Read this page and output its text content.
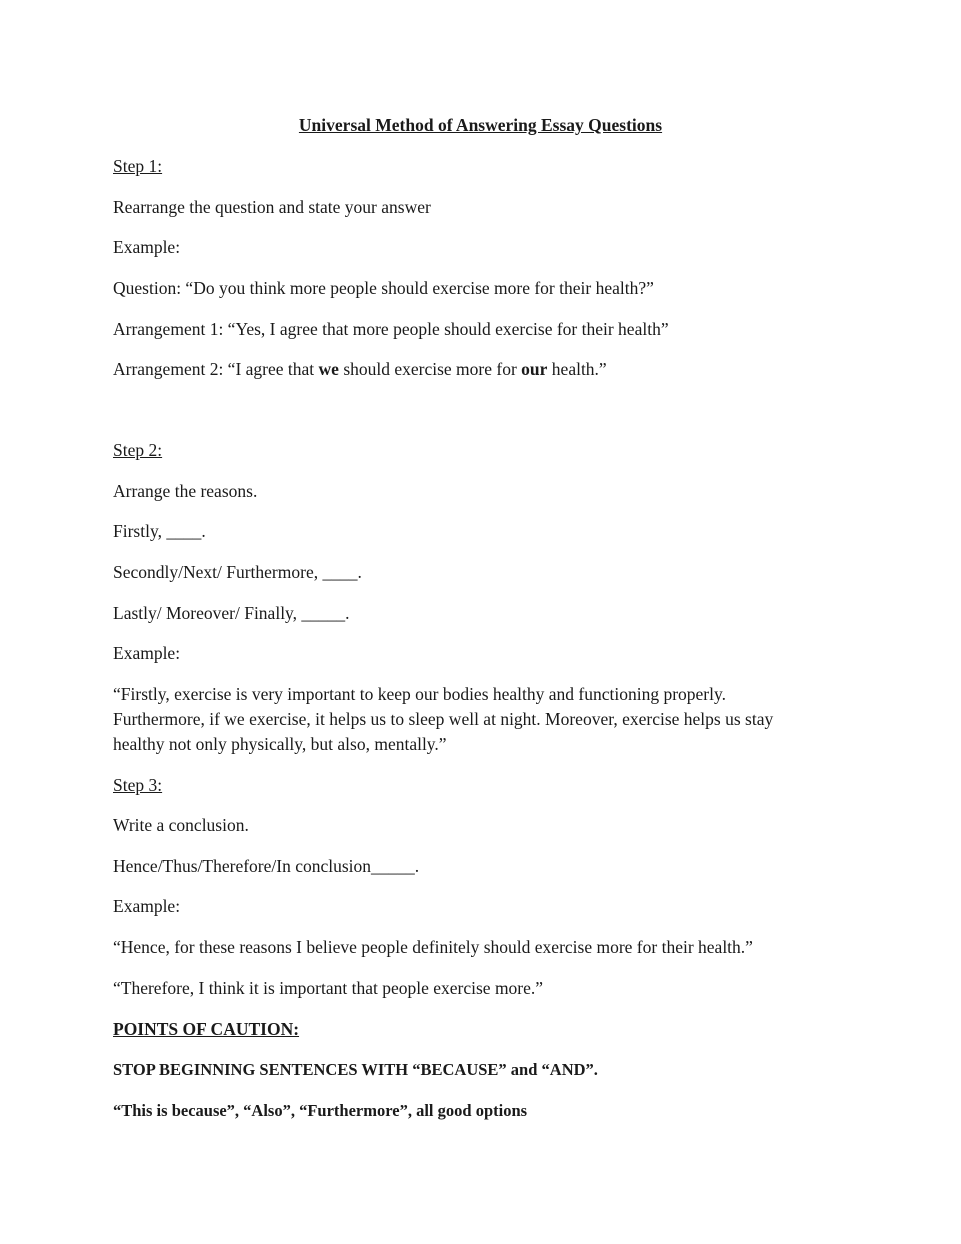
Universal Method of Answering Essay Questions

Step 1:

Rearrange the question and state your answer

Example:

Question: “Do you think more people should exercise more for their health?”

Arrangement 1: “Yes, I agree that more people should exercise for their health”

Arrangement 2: “I agree that we should exercise more for our health.”

Step 2:

Arrange the reasons.

Firstly, ____.

Secondly/Next/ Furthermore, ____.

Lastly/ Moreover/ Finally, _____.

Example:

“Firstly, exercise is very important to keep our bodies healthy and functioning properly.

Furthermore, if we exercise, it helps us to sleep well at night. Moreover, exercise helps us stay

healthy not only physically, but also, mentally.”

Step 3:

Write a conclusion.

Hence/Thus/Therefore/In conclusion_____.

Example:

“Hence, for these reasons I believe people definitely should exercise more for their health.”

“Therefore, I think it is important that people exercise more.”

POINTS OF CAUTION:

STOP BEGINNING SENTENCES WITH “BECAUSE” and “AND”.

“This is because”, “Also”, “Furthermore”, all good options
